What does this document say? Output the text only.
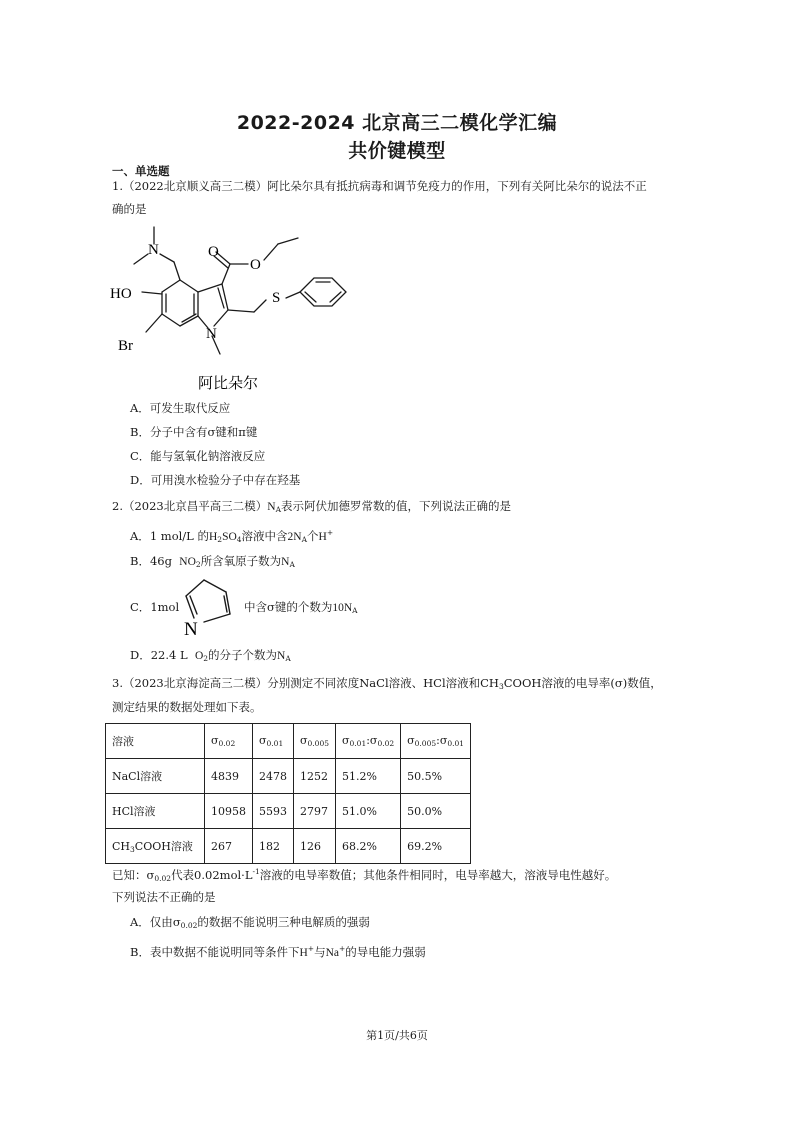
2022-2024 北京高三二模化学汇编
共价键模型
一、单选题
1.（2022北京顺义高三二模）阿比朵尔具有抵抗病毒和调节免疫力的作用，下列有关阿比朵尔的说法不正
确的是
N	O
O
HO
Br
N
S
阿比朵尔
A．可发生取代反应
B．分子中含有σ键和π键
C．能与氢氧化钠溶液反应
D．可用溴水检验分子中存在羟基
2.（2023北京昌平高三二模）$N_A$表示阿伏加德罗常数的值，下列说法正确的是
A．1 mol/L 的$H_2SO_4$溶液中含$2N_A$个H+
B．46g $NO_2$所含氧原子数为$N_A$
C．1mol
N
中含σ键的个数为$10N_A$
D．22.4 L $O_2$的分子个数为$N_A$
3.（2023北京海淀高三二模）分别测定不同浓度NaCl溶液、HCl溶液和$CH_3COOH$溶液的电导率(σ)数值，
测定结果的数据处理如下表。
溶液	$\sigma_{0.02}$	$\sigma_{0.01}$	$\sigma_{0.005}$	$\sigma_{0.01}:\sigma_{0.02}$	$\sigma_{0.005}:\sigma_{0.01}$
NaCl溶液	4839	2478	1252	51.2%	50.5%
HCl溶液	10958	5593	2797	51.0%	50.0%
$CH_3COOH$溶液	267	182	126	68.2%	69.2%
已知：$\sigma_{0.02}$代表$0.02mol\cdot L^{-1}$溶液的电导率数值；其他条件相同时，电导率越大，溶液导电性越好。
下列说法不正确的是
A．仅由$\sigma_{0.02}$的数据不能说明三种电解质的强弱
B．表中数据不能说明同等条件下H+与Na+的导电能力强弱
第1页/共6页
